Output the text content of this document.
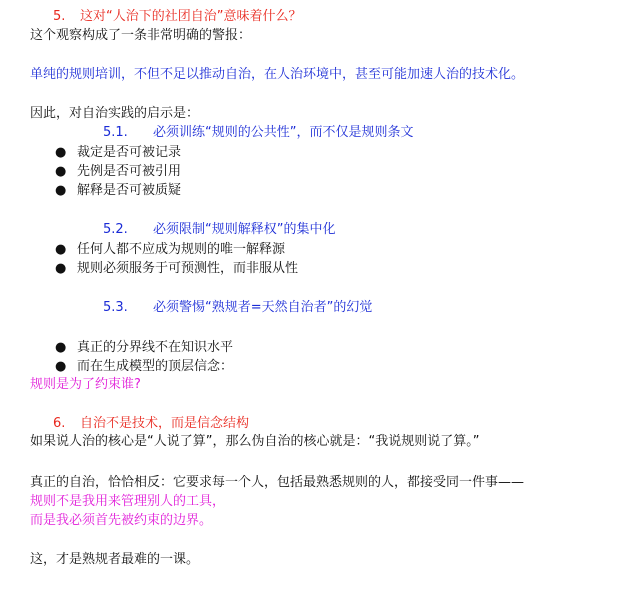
5. 这对“人治下的社团自治”意味着什么？
这个观察构成了一条非常明确的警报：
单纯的规则培训，不但不足以推动自治，在人治环境中，甚至可能加速人治的技术化。
因此，对自治实践的启示是：
5.1. 必须训练“规则的公共性”，而不仅是规则条文
● 裁定是否可被记录
● 先例是否可被引用
● 解释是否可被质疑
5.2. 必须限制“规则解释权”的集中化
● 任何人都不应成为规则的唯一解释源
● 规则必须服务于可预测性，而非服从性
5.3. 必须警惕“熟规者=天然自治者”的幻觉
● 真正的分界线不在知识水平
● 而在生成模型的顶层信念：
规则是为了约束谁?
6. 自治不是技术，而是信念结构
如果说人治的核心是“人说了算”，那么伪自治的核心就是：“我说规则说了算。”
真正的自治，恰恰相反：它要求每一个人，包括最熟悉规则的人，都接受同一件事——
规则不是我用来管理别人的工具，
而是我必须首先被约束的边界。
这，才是熟规者最难的一课。
